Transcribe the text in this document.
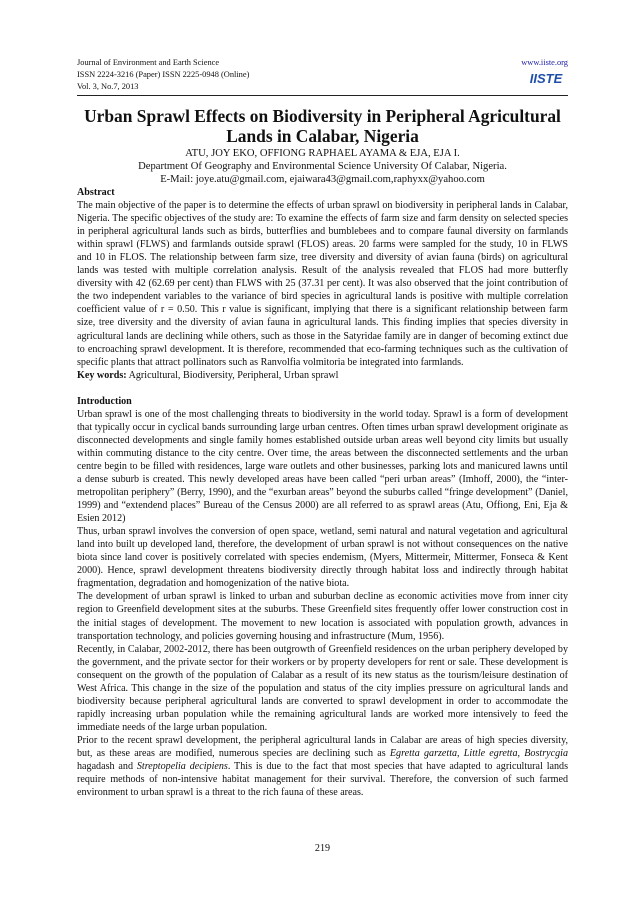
Journal of Environment and Earth Science	www.iiste.org
ISSN 2224-3216 (Paper) ISSN 2225-0948 (Online)
Vol. 3, No.7, 2013
IISTE
Urban Sprawl Effects on Biodiversity in Peripheral Agricultural Lands in Calabar, Nigeria
ATU, JOY EKO, OFFIONG RAPHAEL AYAMA & EJA, EJA I.
Department Of Geography and Environmental Science University Of Calabar, Nigeria.
E-Mail: joye.atu@gmail.com, ejaiwara43@gmail.com,raphyxx@yahoo.com
Abstract

The main objective of the paper is to determine the effects of urban sprawl on biodiversity in peripheral lands in Calabar, Nigeria. The specific objectives of the study are: To examine the effects of farm size and farm density on selected species in peripheral agricultural lands such as birds, butterflies and bumblebees and to compare faunal diversity on farmlands within sprawl (FLWS) and farmlands outside sprawl (FLOS) areas. 20 farms were sampled for the study, 10 in FLWS and 10 in FLOS. The relationship between farm size, tree diversity and diversity of avian fauna (birds) on agricultural lands was tested with multiple correlation analysis. Result of the analysis revealed that FLOS had more butterfly diversity with 42 (62.69 per cent) than FLWS with 25 (37.31 per cent). It was also observed that the joint contribution of the two independent variables to the variance of bird species in agricultural lands is positive with multiple correlation coefficient value of r = 0.50. This r value is significant, implying that there is a significant relationship between farm size, tree diversity and the diversity of avian fauna in agricultural lands. This finding implies that species diversity in agricultural lands are declining while others, such as those in the Satyridae family are in danger of becoming extinct due to encroaching sprawl development. It is therefore, recommended that eco-farming techniques such as the cultivation of specific plants that attract pollinators such as Ranvolfia volmitoria be integrated into farmlands.

Key words: Agricultural, Biodiversity, Peripheral, Urban sprawl

Introduction

Urban sprawl is one of the most challenging threats to biodiversity in the world today. Sprawl is a form of development that typically occur in cyclical bands surrounding large urban centres. Often times urban sprawl development originate as disconnected developments and single family homes established outside urban areas well beyond city limits but usually within commuting distance to the city centre. Over time, the areas between the disconnected settlements and the urban centre begin to be filled with residences, large ware outlets and other businesses, parking lots and manicured lawns until a dense suburb is created. This newly developed areas have been called “peri urban areas” (Imhoff, 2000), the “inter-metropolitan periphery” (Berry, 1990), and the “exurban areas” beyond the suburbs called “fringe development” (Daniel, 1999) and “extendend places” Bureau of the Census 2000) are all referred to as sprawl areas (Atu, Offiong, Eni, Eja & Esien 2012)

Thus, urban sprawl involves the conversion of open space, wetland, semi natural and natural vegetation and agricultural land into built up developed land, therefore, the development of urban sprawl is not without consequences on the native biota since land cover is positively correlated with species endemism, (Myers, Mittermeir, Mittermer, Fonseca & Kent 2000). Hence, sprawl development threatens biodiversity directly through habitat loss and indirectly through habitat fragmentation, degradation and homogenization of the native biota.

The development of urban sprawl is linked to urban and suburban decline as economic activities move from inner city region to Greenfield development sites at the suburbs. These Greenfield sites frequently offer lower construction cost in the initial stages of development. The movement to new location is associated with population growth, advances in transportation technology, and policies governing housing and infrastructure (Mum, 1956).

Recently, in Calabar, 2002-2012, there has been outgrowth of Greenfield residences on the urban periphery developed by the government, and the private sector for their workers or by property developers for rent or sale. These development is consequent on the growth of the population of Calabar as a result of its new status as the tourism/leisure destination of West Africa. This change in the size of the population and status of the city implies pressure on agricultural lands and biodiversity because peripheral agricultural lands are converted to sprawl development in order to accommodate the rapidly increasing urban population while the remaining agricultural lands are worked more intensively to feed the immediate needs of the large urban population.

Prior to the recent sprawl development, the peripheral agricultural lands in Calabar are areas of high species diversity, but, as these areas are modified, numerous species are declining such as Egretta garzetta, Little egretta, Bostrycgia hagadash and Streptopelia decipiens. This is due to the fact that most species that have adapted to agricultural lands require methods of non-intensive habitat management for their survival. Therefore, the conversion of such farmed environment to urban sprawl is a threat to the rich fauna of these areas.

219
